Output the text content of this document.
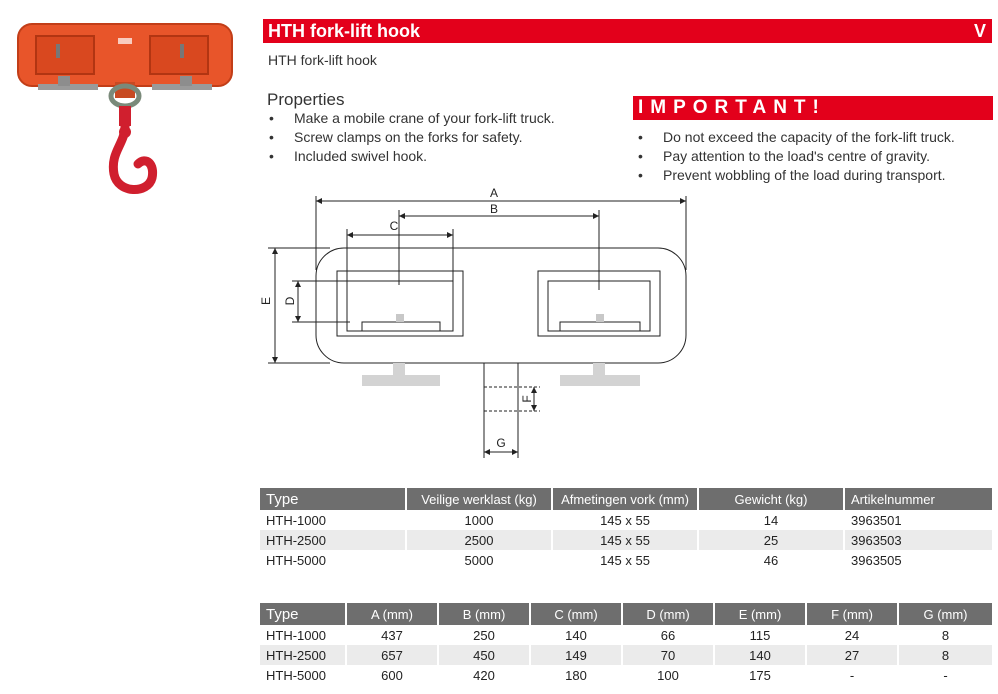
HTH fork-lift hook	V
HTH fork-lift hook
Properties
• Make a mobile crane of your fork-lift truck.
• Screw clamps on the forks for safety.
• Included swivel hook.
IMPORTANT!
• Do not exceed the capacity of the fork-lift truck.
• Pay attention to the load's centre of gravity.
• Prevent wobbling of the load during transport.
A
B
C
E D
F
G
Type	Veilige werklast (kg)	Afmetingen vork (mm)	Gewicht (kg)	Artikelnummer
HTH-1000	1000	145 x 55	14	3963501
HTH-2500	2500	145 x 55	25	3963503
HTH-5000	5000	145 x 55	46	3963505
Type	A (mm)	B (mm)	C (mm)	D (mm)	E (mm)	F (mm)	G (mm)
HTH-1000	437	250	140	66	115	24	8
HTH-2500	657	450	149	70	140	27	8
HTH-5000	600	420	180	100	175	-	-
